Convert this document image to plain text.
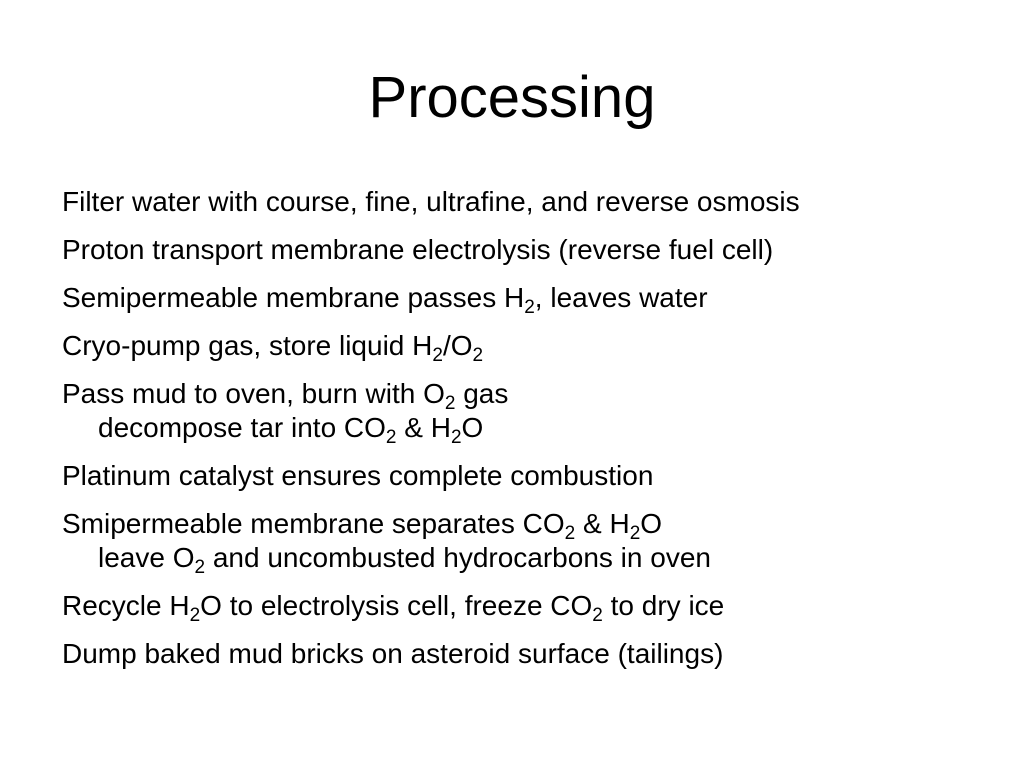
Processing
Filter water with course, fine, ultrafine, and reverse osmosis
Proton transport membrane electrolysis (reverse fuel cell)
Semipermeable membrane passes $H_2$, leaves water
Cryo-pump gas, store liquid $H_2/O_2$
Pass mud to oven, burn with $O_2$ gas
decompose tar into $CO_2$ & $H_2O$
Platinum catalyst ensures complete combustion
Smipermeable membrane separates $CO_2$ & $H_2O$
leave $O_2$ and uncombusted hydrocarbons in oven
Recycle $H_2O$ to electrolysis cell, freeze $CO_2$ to dry ice
Dump baked mud bricks on asteroid surface (tailings)
